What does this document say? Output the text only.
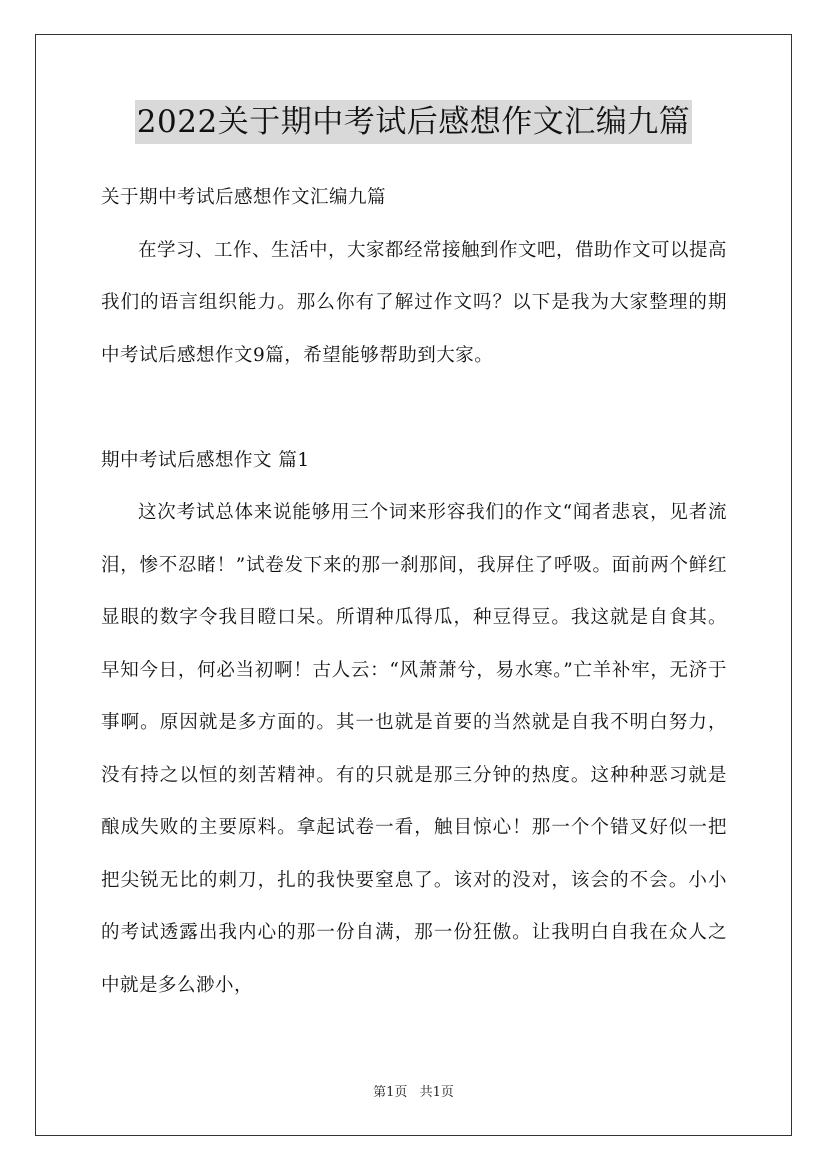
2022关于期中考试后感想作文汇编九篇

关于期中考试后感想作文汇编九篇

在学习、工作、生活中，大家都经常接触到作文吧，借助作文可以提高我们的语言组织能力。那么你有了解过作文吗？以下是我为大家整理的期中考试后感想作文9篇，希望能够帮助到大家。

期中考试后感想作文 篇1

这次考试总体来说能够用三个词来形容我们的作文“闻者悲哀，见者流泪，惨不忍睹！”试卷发下来的那一刹那间，我屏住了呼吸。面前两个鲜红显眼的数字令我目瞪口呆。所谓种瓜得瓜，种豆得豆。我这就是自食其。早知今日，何必当初啊！古人云：“风萧萧兮，易水寒。”亡羊补牢，无济于事啊。原因就是多方面的。其一也就是首要的当然就是自我不明白努力，没有持之以恒的刻苦精神。有的只就是那三分钟的热度。这种种恶习就是酿成失败的主要原料。拿起试卷一看，触目惊心！那一个个错叉好似一把把尖锐无比的刺刀，扎的我快要窒息了。该对的没对，该会的不会。小小的考试透露出我内心的那一份自满，那一份狂傲。让我明白自我在众人之中就是多么渺小，

第1页 共1页
